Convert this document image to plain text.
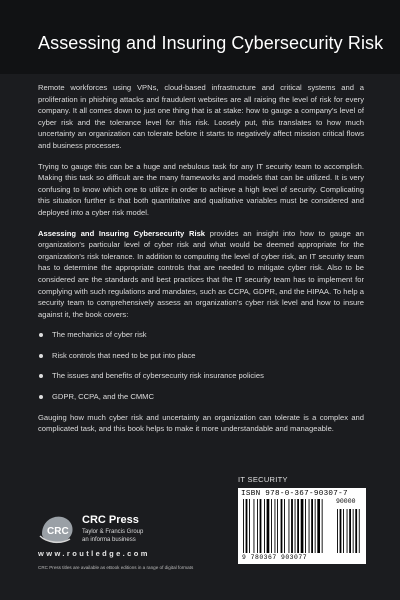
Assessing and Insuring Cybersecurity Risk

Remote workforces using VPNs, cloud-based infrastructure and critical systems and a proliferation in phishing attacks and fraudulent websites are all raising the level of risk for every company. It all comes down to just one thing that is at stake: how to gauge a company's level of cyber risk and the tolerance level for this risk. Loosely put, this translates to how much uncertainty an organization can tolerate before it starts to negatively affect mission critical flows and business processes.

Trying to gauge this can be a huge and nebulous task for any IT security team to accomplish. Making this task so difficult are the many frameworks and models that can be utilized. It is very confusing to know which one to utilize in order to achieve a high level of security. Complicating this situation further is that both quantitative and qualitative variables must be considered and deployed into a cyber risk model.

Assessing and Insuring Cybersecurity Risk provides an insight into how to gauge an organization's particular level of cyber risk and what would be deemed appropriate for the organization's risk tolerance. In addition to computing the level of cyber risk, an IT security team has to determine the appropriate controls that are needed to mitigate cyber risk. Also to be considered are the standards and best practices that the IT security team has to implement for complying with such regulations and mandates, such as CCPA, GDPR, and the HIPAA. To help a security team to comprehensively assess an organization's cyber risk level and how to insure against it, the book covers:

The mechanics of cyber risk
Risk controls that need to be put into place
The issues and benefits of cybersecurity risk insurance policies
GDPR, CCPA, and the CMMC

Gauging how much cyber risk and uncertainty an organization can tolerate is a complex and complicated task, and this book helps to make it more understandable and manageable.

IT SECURITY
ISBN 978-0-367-90307-7
90000
9 780367 903077
CRC
CRC Press
Taylor & Francis Group
an informa business
www.routledge.com
CRC Press titles are available as eBook editions in a range of digital formats
